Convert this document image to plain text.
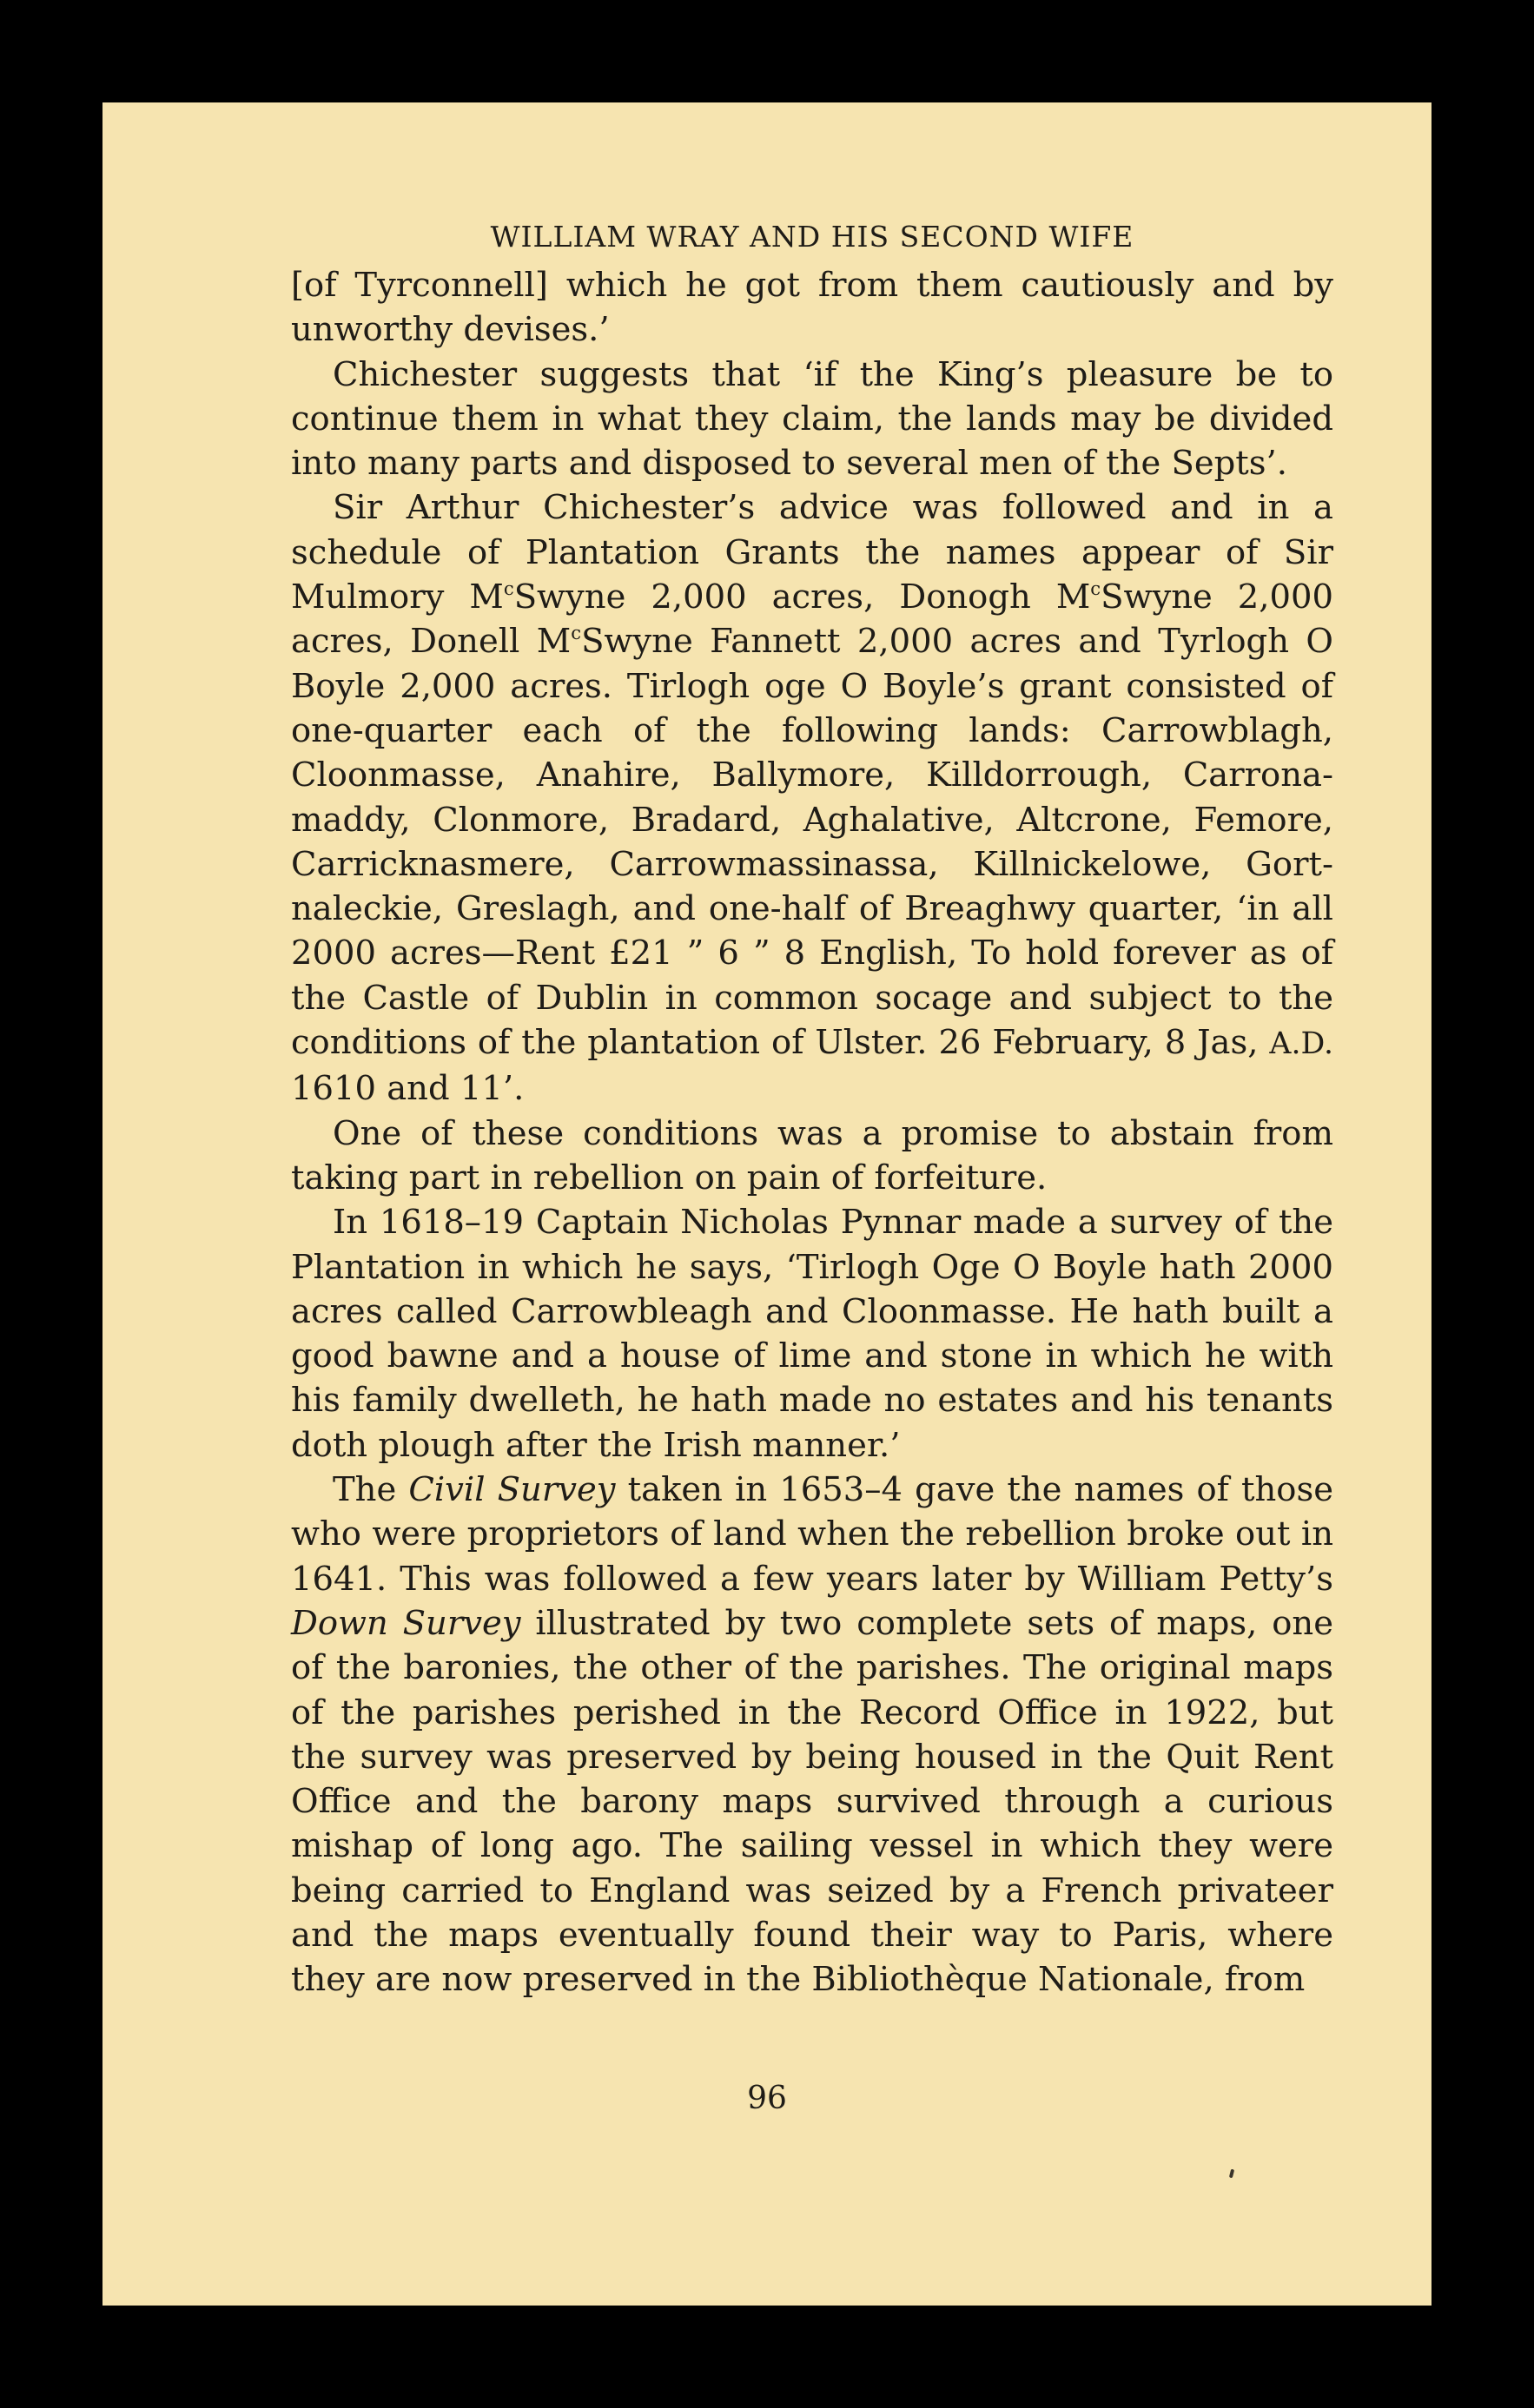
WILLIAM WRAY AND HIS SECOND WIFE

[of Tyrconnell] which he got from them cautiously and by unworthy devises.’

Chichester suggests that ‘if the King’s pleasure be to continue them in what they claim, the lands may be divided into many parts and disposed to several men of the Septs’.

Sir Arthur Chichester’s advice was followed and in a schedule of Plantation Grants the names appear of Sir Mulmory $M^cSwyne$ 2,000 acres, Donogh $M^cSwyne$ 2,000 acres, Donell $M^cSwyne$ Fannett 2,000 acres and Tyrlogh O Boyle 2,000 acres. Tirlogh oge O Boyle’s grant consisted of one-quarter each of the following lands: Carrowblagh, Cloonmasse, Anahire, Ballymore, Killdorrough, Carronamaddy, Clonmore, Bradard, Aghalative, Altcrone, Femore, Carricknasmere, Carrowmassinassa, Killnickelowe, Gortnaleckie, Greslagh, and one-half of Breaghwy quarter, ‘in all 2000 acres—Rent £21 ” 6 ” 8 English, To hold forever as of the Castle of Dublin in common socage and subject to the conditions of the plantation of Ulster. 26 February, 8 Jas, A.D. 1610 and 11’.

One of these conditions was a promise to abstain from taking part in rebellion on pain of forfeiture.

In 1618–19 Captain Nicholas Pynnar made a survey of the Plantation in which he says, ‘Tirlogh Oge O Boyle hath 2000 acres called Carrowbleagh and Cloonmasse. He hath built a good bawne and a house of lime and stone in which he with his family dwelleth, he hath made no estates and his tenants doth plough after the Irish manner.’

The Civil Survey taken in 1653–4 gave the names of those who were proprietors of land when the rebellion broke out in 1641. This was followed a few years later by William Petty’s Down Survey illustrated by two complete sets of maps, one of the baronies, the other of the parishes. The original maps of the parishes perished in the Record Office in 1922, but the survey was preserved by being housed in the Quit Rent Office and the barony maps survived through a curious mishap of long ago. The sailing vessel in which they were being carried to England was seized by a French privateer and the maps eventually found their way to Paris, where they are now preserved in the Bibliothèque Nationale, from

96
